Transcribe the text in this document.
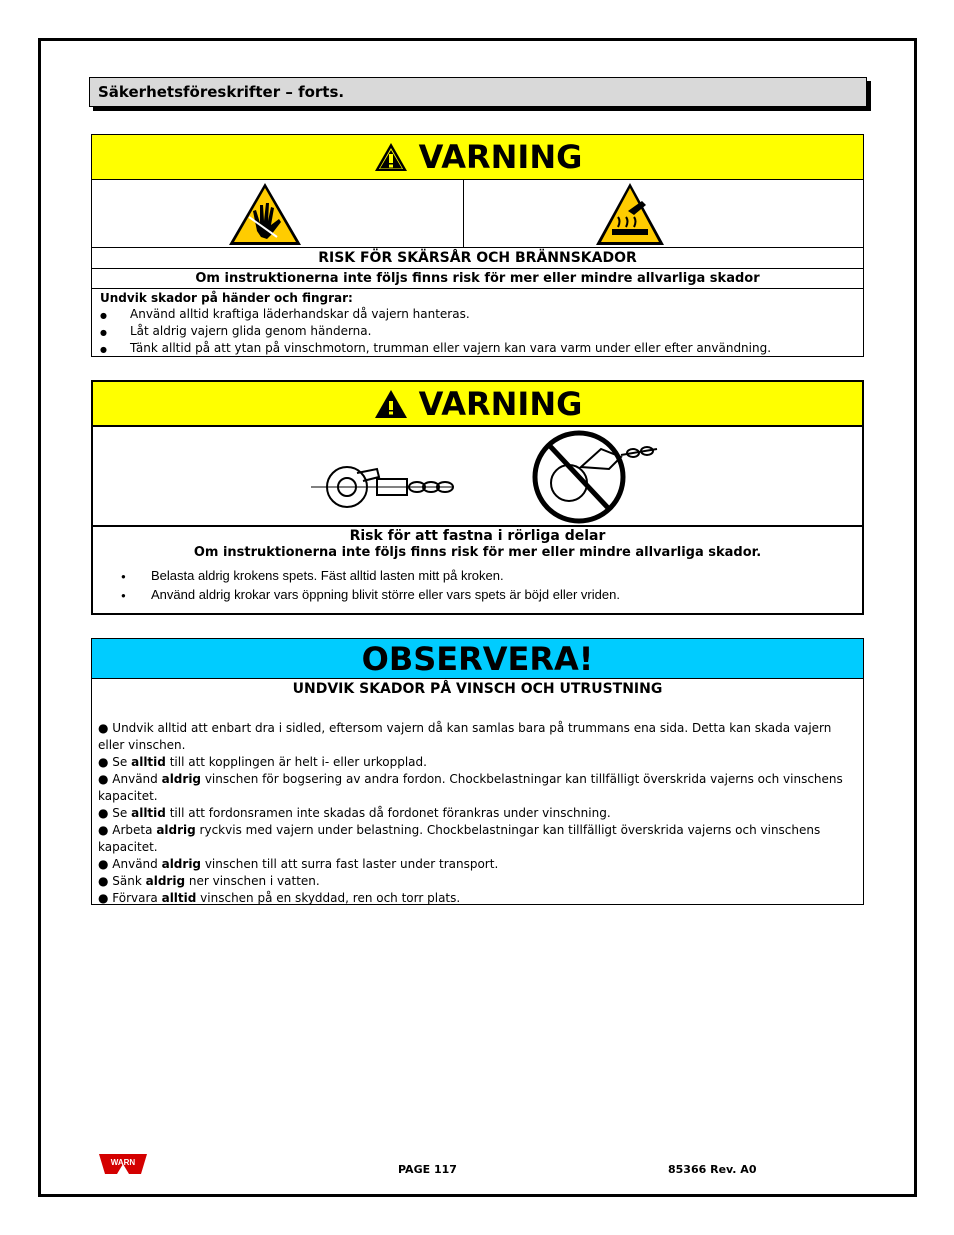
Säkerhetsföreskrifter – forts.
VARNING
RISK FÖR SKÄRSÅR OCH BRÄNNSKADOR
Om instruktionerna inte följs finns risk för mer eller mindre allvarliga skador
Undvik skador på händer och fingrar:
● Använd alltid kraftiga läderhandskar då vajern hanteras.
● Låt aldrig vajern glida genom händerna.
● Tänk alltid på att ytan på vinschmotorn, trumman eller vajern kan vara varm under eller efter användning.
VARNING
Risk för att fastna i rörliga delar
Om instruktionerna inte följs finns risk för mer eller mindre allvarliga skador.
● Belasta aldrig krokens spets. Fäst alltid lasten mitt på kroken.
● Använd aldrig krokar vars öppning blivit större eller vars spets är böjd eller vriden.
OBSERVERA!
UNDVIK SKADOR PÅ VINSCH OCH UTRUSTNING

● Undvik alltid att enbart dra i sidled, eftersom vajern då kan samlas bara på trummans ena sida. Detta kan skada vajern eller vinschen.

● Se alltid till att kopplingen är helt i- eller urkopplad.

● Använd aldrig vinschen för bogsering av andra fordon. Chockbelastningar kan tillfälligt överskrida vajerns och vinschens kapacitet.

● Se alltid till att fordonsramen inte skadas då fordonet förankras under vinschning.

● Arbeta aldrig ryckvis med vajern under belastning. Chockbelastningar kan tillfälligt överskrida vajerns och vinschens kapacitet.

● Använd aldrig vinschen till att surra fast laster under transport.

● Sänk aldrig ner vinschen i vatten.

● Förvara alltid vinschen på en skyddad, ren och torr plats.

WARN
PAGE 117	85366 Rev. A0
